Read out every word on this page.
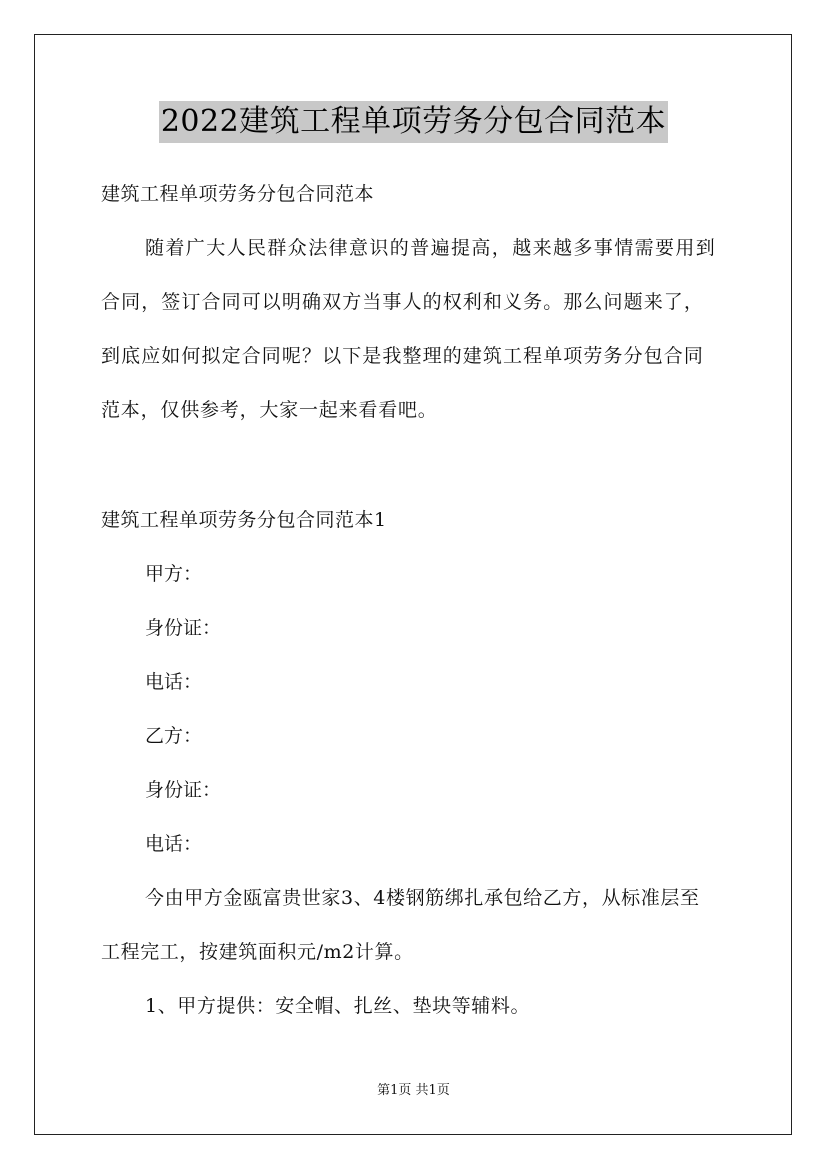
2022建筑工程单项劳务分包合同范本
建筑工程单项劳务分包合同范本
随着广大人民群众法律意识的普遍提高，越来越多事情需要用到
合同，签订合同可以明确双方当事人的权利和义务。那么问题来了，
到底应如何拟定合同呢？以下是我整理的建筑工程单项劳务分包合同
范本，仅供参考，大家一起来看看吧。
建筑工程单项劳务分包合同范本1
甲方：
身份证：
电话：
乙方：
身份证：
电话：
今由甲方金瓯富贵世家3、4楼钢筋绑扎承包给乙方，从标准层至
工程完工，按建筑面积元/m2计算。
1、甲方提供：安全帽、扎丝、垫块等辅料。
第1页 共1页
